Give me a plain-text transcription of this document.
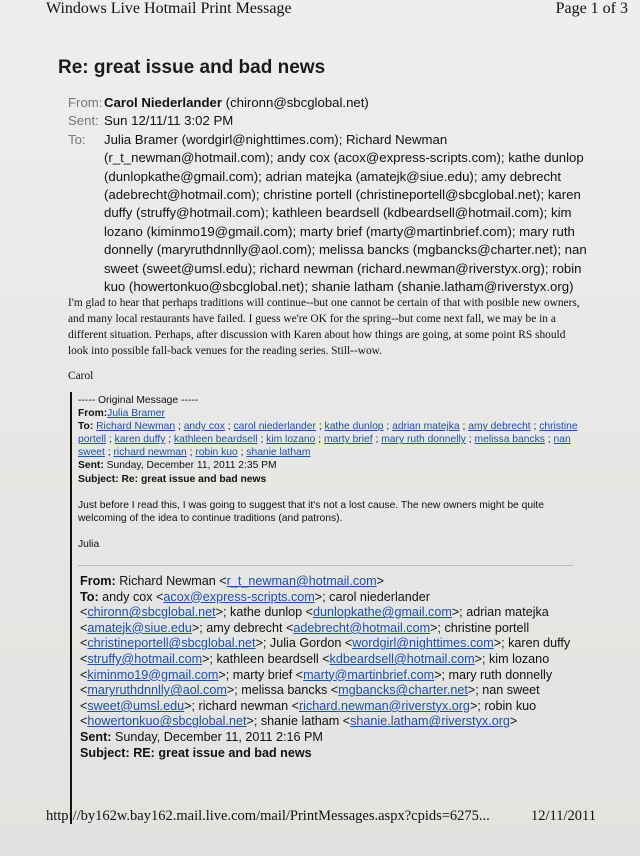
Windows Live Hotmail Print Message	Page 1 of 3
Re: great issue and bad news
From: Carol Niederlander (chironn@sbcglobal.net)
Sent: Sun 12/11/11 3:02 PM
To:	Julia Bramer (wordgirl@nighttimes.com); Richard Newman (r_t_newman@hotmail.com); andy cox (acox@express-scripts.com); kathe dunlop (dunlopkathe@gmail.com); adrian matejka (amatejk@siue.edu); amy debrecht (adebrecht@hotmail.com); christine portell (christineportell@sbcglobal.net); karen duffy (struffy@hotmail.com); kathleen beardsell (kdbeardsell@hotmail.com); kim lozano (kiminmo19@gmail.com); marty brief (marty@martinbrief.com); mary ruth donnelly (maryruthdnnlly@aol.com); melissa bancks (mgbancks@charter.net); nan sweet (sweet@umsl.edu); richard newman (richard.newman@riverstyx.org); robin kuo (howertonkuo@sbcglobal.net); shanie latham (shanie.latham@riverstyx.org)
I'm glad to hear that perhaps traditions will continue--but one cannot be certain of that with posible new owners, and many local restaurants have failed. I guess we're OK for the spring--but come next fall, we may be in a different situation. Perhaps, after discussion with Karen about how things are going, at some point RS should look into possible fall-back venues for the reading series. Still--wow.
Carol
----- Original Message -----
From:Julia Bramer
To: Richard Newman ; andy cox ; carol niederlander ; kathe dunlop ; adrian matejka ; amy debrecht ; christine portell ; karen duffy ; kathleen beardsell ; kim lozano ; marty brief ; mary ruth donnelly ; melissa bancks ; nan sweet ; richard newman ; robin kuo ; shanie latham
Sent: Sunday, December 11, 2011 2:35 PM
Subject: Re: great issue and bad news
Just before I read this, I was going to suggest that it's not a lost cause. The new owners might be quite welcoming of the idea to continue traditions (and patrons).
Julia
From: Richard Newman <r_t_newman@hotmail.com>
To: andy cox <acox@express-scripts.com>; carol niederlander <chironn@sbcglobal.net>; kathe dunlop <dunlopkathe@gmail.com>; adrian matejka <amatejk@siue.edu>; amy debrecht <adebrecht@hotmail.com>; christine portell <christineportell@sbcglobal.net>; Julia Gordon <wordgirl@nighttimes.com>; karen duffy <struffy@hotmail.com>; kathleen beardsell <kdbeardsell@hotmail.com>; kim lozano <kiminmo19@gmail.com>; marty brief <marty@martinbrief.com>; mary ruth donnelly <maryruthdnnlly@aol.com>; melissa bancks <mgbancks@charter.net>; nan sweet <sweet@umsl.edu>; richard newman <richard.newman@riverstyx.org>; robin kuo <howertonkuo@sbcglobal.net>; shanie latham <shanie.latham@riverstyx.org>
Sent: Sunday, December 11, 2011 2:16 PM
Subject: RE: great issue and bad news
http://by162w.bay162.mail.live.com/mail/PrintMessages.aspx?cpids=6275...	12/11/2011
